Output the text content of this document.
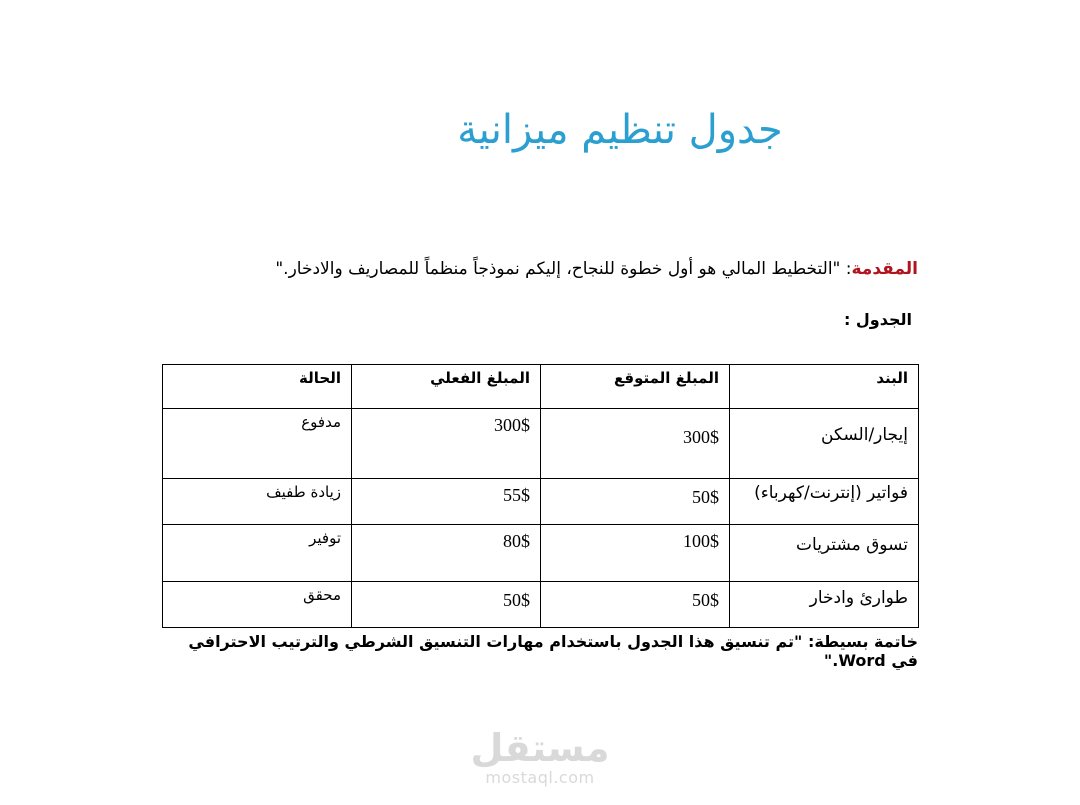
جدول تنظيم ميزانية
المقدمة: "التخطيط المالي هو أول خطوة للنجاح، إليكم نموذجاً منظماً للمصاريف والادخار."
الجدول :
البند	المبلغ المتوقع	المبلغ الفعلي	الحالة
إيجار/السكن	300$	300$	مدفوع
فواتير (إنترنت/كهرباء)	50$	55$	زيادة طفيف
تسوق مشتريات	100$	80$	توفير
طوارئ وادخار	50$	50$	محقق
خاتمة بسيطة: "تم تنسيق هذا الجدول باستخدام مهارات التنسيق الشرطي والترتيب الاحترافي في Word."
مستقل
mostaql.com
